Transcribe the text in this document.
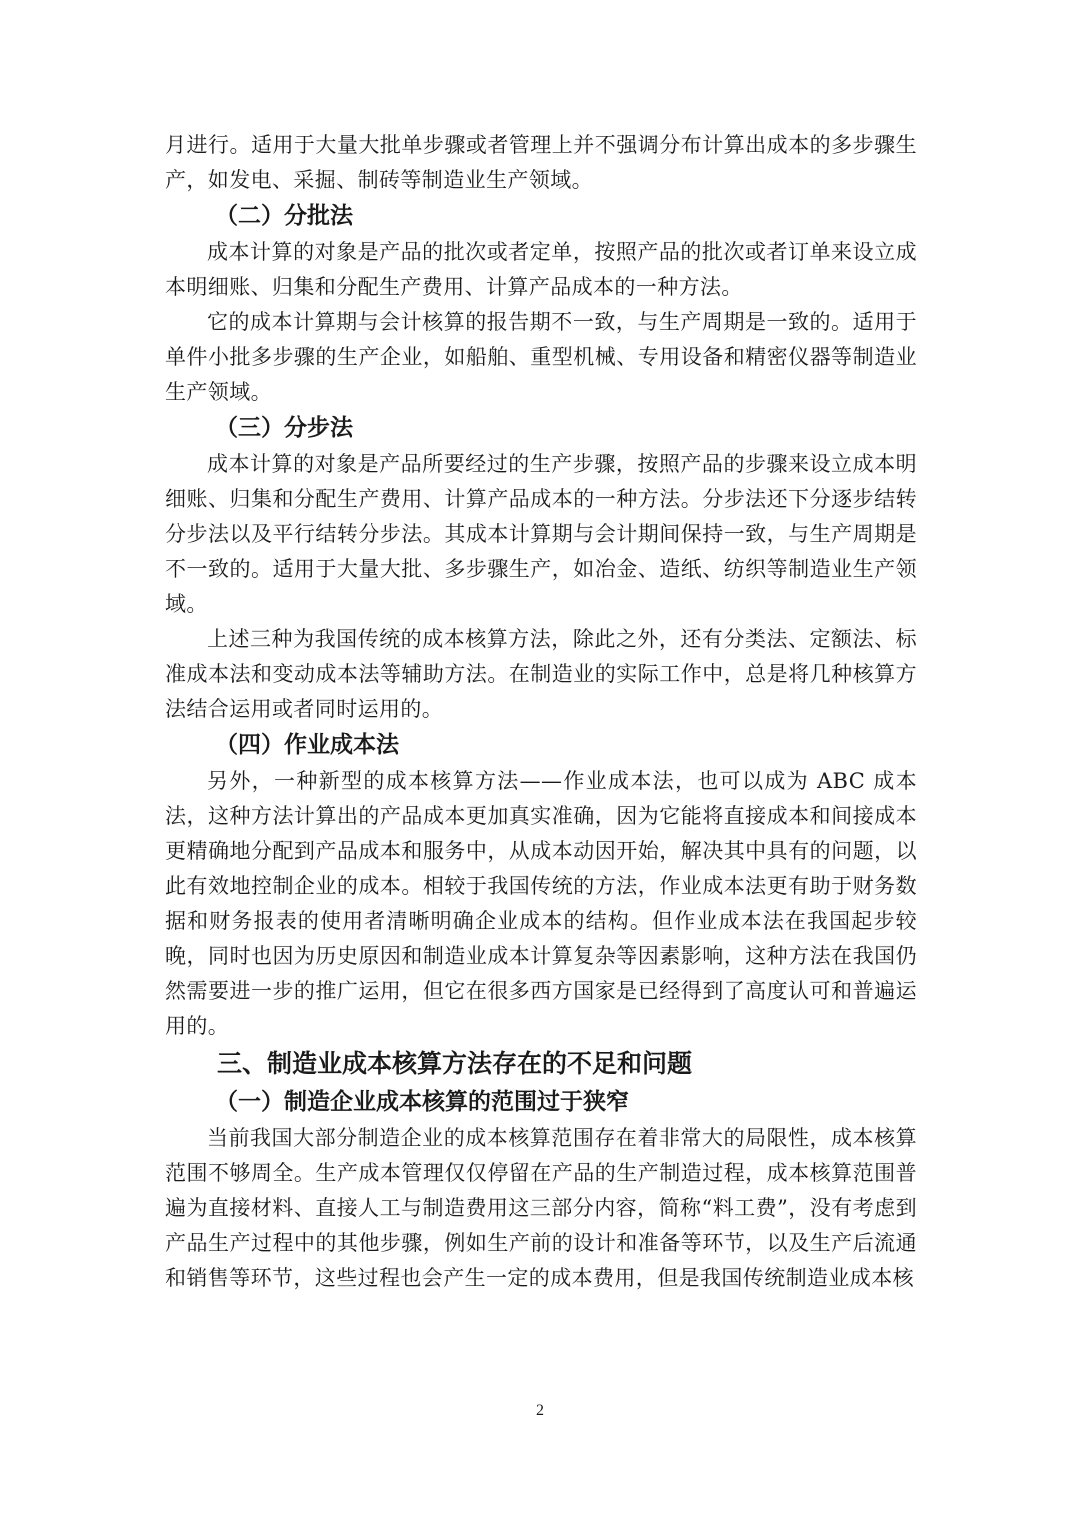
月进行。适用于大量大批单步骤或者管理上并不强调分布计算出成本的多步骤生产，如发电、采掘、制砖等制造业生产领域。

（二）分批法

成本计算的对象是产品的批次或者定单，按照产品的批次或者订单来设立成本明细账、归集和分配生产费用、计算产品成本的一种方法。

它的成本计算期与会计核算的报告期不一致，与生产周期是一致的。适用于单件小批多步骤的生产企业，如船舶、重型机械、专用设备和精密仪器等制造业生产领域。

（三）分步法

成本计算的对象是产品所要经过的生产步骤，按照产品的步骤来设立成本明细账、归集和分配生产费用、计算产品成本的一种方法。分步法还下分逐步结转分步法以及平行结转分步法。其成本计算期与会计期间保持一致，与生产周期是不一致的。适用于大量大批、多步骤生产，如冶金、造纸、纺织等制造业生产领域。

上述三种为我国传统的成本核算方法，除此之外，还有分类法、定额法、标准成本法和变动成本法等辅助方法。在制造业的实际工作中，总是将几种核算方法结合运用或者同时运用的。

（四）作业成本法

另外，一种新型的成本核算方法——作业成本法，也可以成为 ABC 成本法，这种方法计算出的产品成本更加真实准确，因为它能将直接成本和间接成本更精确地分配到产品成本和服务中，从成本动因开始，解决其中具有的问题，以此有效地控制企业的成本。相较于我国传统的方法，作业成本法更有助于财务数据和财务报表的使用者清晰明确企业成本的结构。但作业成本法在我国起步较晚，同时也因为历史原因和制造业成本计算复杂等因素影响，这种方法在我国仍然需要进一步的推广运用，但它在很多西方国家是已经得到了高度认可和普遍运用的。

三、制造业成本核算方法存在的不足和问题
（一）制造企业成本核算的范围过于狭窄

当前我国大部分制造企业的成本核算范围存在着非常大的局限性，成本核算范围不够周全。生产成本管理仅仅停留在产品的生产制造过程，成本核算范围普遍为直接材料、直接人工与制造费用这三部分内容，简称“料工费”，没有考虑到产品生产过程中的其他步骤，例如生产前的设计和准备等环节，以及生产后流通和销售等环节，这些过程也会产生一定的成本费用，但是我国传统制造业成本核

2
